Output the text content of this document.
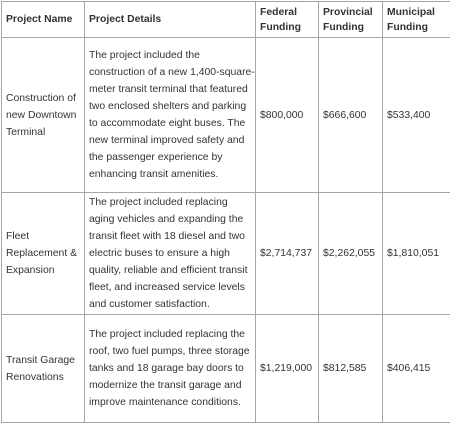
Project Name	Project Details	Federal Funding	Provincial Funding	Municipal Funding
Construction of new Downtown Terminal	The project included the construction of a new 1,400-square-meter transit terminal that featured two enclosed shelters and parking to accommodate eight buses. The new terminal improved safety and the passenger experience by enhancing transit amenities.	$800,000	$666,600	$533,400
Fleet Replacement & Expansion	The project included replacing aging vehicles and expanding the transit fleet with 18 diesel and two electric buses to ensure a high quality, reliable and efficient transit fleet, and increased service levels and customer satisfaction.	$2,714,737	$2,262,055	$1,810,051
Transit Garage Renovations	The project included replacing the roof, two fuel pumps, three storage tanks and 18 garage bay doors to modernize the transit garage and improve maintenance conditions.	$1,219,000	$812,585	$406,415
